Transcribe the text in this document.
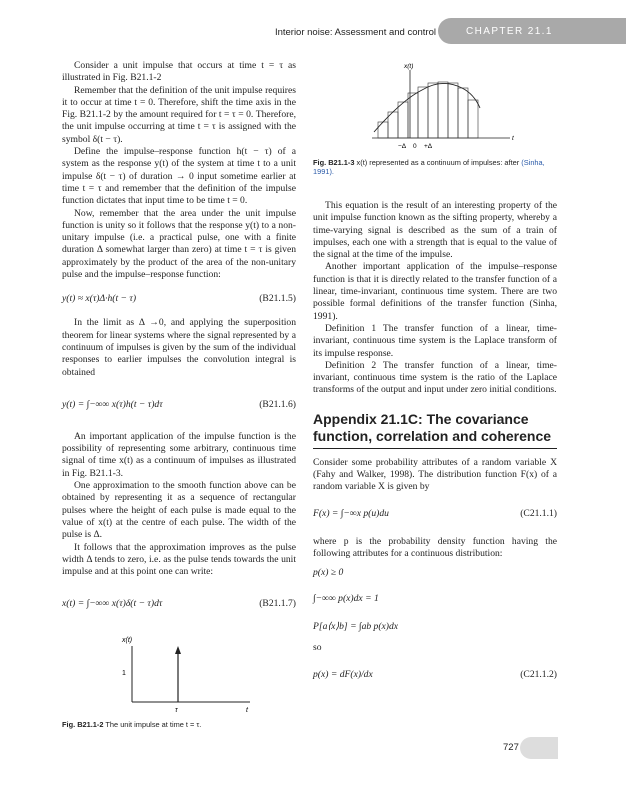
Interior noise: Assessment and control	CHAPTER 21.1

Consider a unit impulse that occurs at time t = τ as illustrated in Fig. B21.1-2

Remember that the definition of the unit impulse requires it to occur at time t = 0. Therefore, shift the time axis in the Fig. B21.1-2 by the amount required for t = τ = 0. Therefore, the unit impulse occurring at time t = τ is assigned with the symbol δ(t − τ).

Define the impulse–response function h(t − τ) of a system as the response y(t) of the system at time t to a unit impulse δ(t − τ) of duration → 0 input sometime earlier at time t = τ and remember that the definition of the impulse function dictates that input time to be time t = 0.

Now, remember that the area under the unit impulse function is unity so it follows that the response y(t) to a non-unitary impulse (i.e. a practical pulse, one with a finite duration Δ somewhat larger than zero) at time t = τ is given approximately by the product of the area of the non-unitary pulse and the impulse–response function:

y(t) ≈ x(τ)Δ·h(t − τ)	(B21.1.5)

In the limit as Δ →0, and applying the superposition theorem for linear systems where the signal represented by a continuum of impulses is given by the sum of the individual responses to earlier impulses the convolution integral is obtained

y(t) = ∫−∞∞ x(τ)h(t − τ)dτ	(B21.1.6)

An important application of the impulse function is the possibility of representing some arbitrary, continuous time signal of time x(t) as a continuum of impulses as illustrated in Fig. B21.1-3.

One approximation to the smooth function above can be obtained by representing it as a sequence of rectangular pulses where the height of each pulse is made equal to the value of x(t) at the centre of each pulse. The width of the pulse is Δ.

It follows that the approximation improves as the pulse width Δ tends to zero, i.e. as the pulse tends towards the unit impulse and at this point one can write:

x(t) = ∫−∞∞ x(τ)δ(t − τ)dτ	(B21.1.7)
x(t)
1
τ	t
Fig. B21.1-2 The unit impulse at time t = τ.
x(t)
−Δ 0 +Δ
t
Fig. B21.1-3 x(t) represented as a continuum of impulses: after (Sinha, 1991).

This equation is the result of an interesting property of the unit impulse function known as the sifting property, whereby a time-varying signal is described as the sum of a train of impulses, each one with a strength that is equal to the value of the signal at the time of the impulse.

Another important application of the impulse–response function is that it is directly related to the transfer function of a linear, time-invariant, continuous time system. There are two possible formal definitions of the transfer function (Sinha, 1991).

Definition 1 The transfer function of a linear, time-invariant, continuous time system is the Laplace transform of its impulse response.

Definition 2 The transfer function of a linear, time-invariant, continuous time system is the ratio of the Laplace transforms of the output and input under zero initial conditions.

Appendix 21.1C: The covariance function, correlation and coherence

Consider some probability attributes of a random variable X (Fahy and Walker, 1998). The distribution function F(x) of a random variable X is given by

F(x) = ∫−∞x p(u)du	(C21.1.1)

where p is the probability density function having the following attributes for a continuous distribution:

p(x) ≥ 0
∫−∞∞ p(x)dx = 1
P[a⟨x⟩b] = ∫ab p(x)dx

so

p(x) = dF(x)/dx	(C21.1.2)
727
